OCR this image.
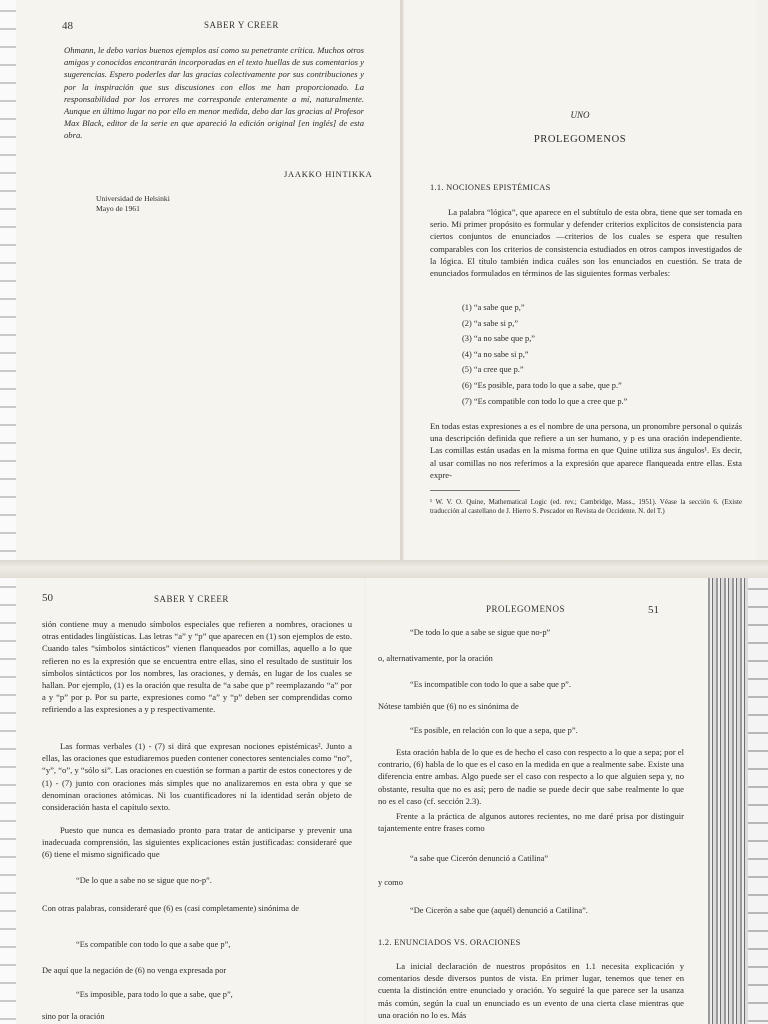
48	SABER Y CREER

Ohmann, le debo varios buenos ejemplos así como su penetrante crítica. Muchos otros amigos y conocidos encontrarán incorporadas en el texto huellas de sus comentarios y sugerencias. Espero poderles dar las gracias colectivamente por sus contribuciones y por la inspiración que sus discusiones con ellos me han proporcionado. La responsabilidad por los errores me corresponde enteramente a mí, naturalmente. Aunque en último lugar no por ello en menor medida, debo dar las gracias al Profesor Max Black, editor de la serie en que apareció la edición original [en inglés] de esta obra.

JAAKKO HINTIKKA
Universidad de Helsinki
Mayo de 1961
UNO
PROLEGOMENOS
1.1. NOCIONES EPISTÉMICAS

La palabra “lógica”, que aparece en el subtítulo de esta obra, tiene que ser tomada en serio. Mi primer propósito es formular y defender criterios explícitos de consistencia para ciertos conjuntos de enunciados —criterios de los cuales se espera que resulten comparables con los criterios de consistencia estudiados en otros campos investigados de la lógica. El título también indica cuáles son los enunciados en cuestión. Se trata de enunciados formulados en términos de las siguientes formas verbales:

(1) “a sabe que p,”
(2) “a sabe si p,”
(3) “a no sabe que p,”
(4) “a no sabe si p,”
(5) “a cree que p.”
(6) “Es posible, para todo lo que a sabe, que p.”
(7) “Es compatible con todo lo que a cree que p.”

En todas estas expresiones a es el nombre de una persona, un pronombre personal o quizás una descripción definida que refiere a un ser humano, y p es una oración independiente. Las comillas están usadas en la misma forma en que Quine utiliza sus ángulos¹. Es decir, al usar comillas no nos referimos a la expresión que aparece flanqueada entre ellas. Esta expre-

¹ W. V. O. Quine, Mathematical Logic (ed. rev.; Cambridge, Mass., 1951). Véase la sección 6. (Existe traducción al castellano de J. Hierro S. Pescador en Revista de Occidente. N. del T.)

50	SABER Y CREER

sión contiene muy a menudo símbolos especiales que refieren a nombres, oraciones u otras entidades lingüísticas. Las letras “a” y “p” que aparecen en (1) son ejemplos de esto. Cuando tales “símbolos sintácticos” vienen flanqueados por comillas, aquello a lo que refieren no es la expresión que se encuentra entre ellas, sino el resultado de sustituir los símbolos sintácticos por los nombres, las oraciones, y demás, en lugar de los cuales se hallan. Por ejemplo, (1) es la oración que resulta de “a sabe que p” reemplazando “a” por a y “p” por p. Por su parte, expresiones como “a” y “p” deben ser comprendidas como refiriendo a las expresiones a y p respectivamente.

Las formas verbales (1) - (7) si dirá que expresan nociones epistémicas². Junto a ellas, las oraciones que estudiaremos pueden contener conectores sentenciales como “no”, “y”, “o”, y “sólo si”. Las oraciones en cuestión se forman a partir de estos conectores y de (1) - (7) junto con oraciones más simples que no analizaremos en esta obra y que se denominan oraciones atómicas. Ni los cuantificadores ni la identidad serán objeto de consideración hasta el capítulo sexto.

Puesto que nunca es demasiado pronto para tratar de anticiparse y prevenir una inadecuada comprensión, las siguientes explicaciones están justificadas: consideraré que (6) tiene el mismo significado que

“De lo que a sabe no se sigue que no-p”.
Con otras palabras, consideraré que (6) es (casi completamente) sinónima de
“Es compatible con todo lo que a sabe que p”,
De aquí que la negación de (6) no venga expresada por
“Es imposible, para todo lo que a sabe, que p”,
sino por la oración
PROLEGOMENOS	51
“De todo lo que a sabe se sigue que no-p”
o, alternativamente, por la oración
“Es incompatible con todo lo que a sabe que p”.
Nótese también que (6) no es sinónima de
“Es posible, en relación con lo que a sepa, que p”.

Esta oración habla de lo que es de hecho el caso con respecto a lo que a sepa; por el contrario, (6) habla de lo que es el caso en la medida en que a realmente sabe. Existe una diferencia entre ambas. Algo puede ser el caso con respecto a lo que alguien sepa y, no obstante, resulta que no es así; pero de nadie se puede decir que sabe realmente lo que no es el caso (cf. sección 2.3).

Frente a la práctica de algunos autores recientes, no me daré prisa por distinguir tajantemente entre frases como

“a sabe que Cicerón denunció a Catilina”
y como
“De Cicerón a sabe que (aquél) denunció a Catilina”.
1.2. ENUNCIADOS VS. ORACIONES

La inicial declaración de nuestros propósitos en 1.1 necesita explicación y comentarios desde diversos puntos de vista. En primer lugar, tenemos que tener en cuenta la distinción entre enunciado y oración. Yo seguiré la que parece ser la usanza más común, según la cual un enunciado es un evento de una cierta clase mientras que una oración no lo es. Más
